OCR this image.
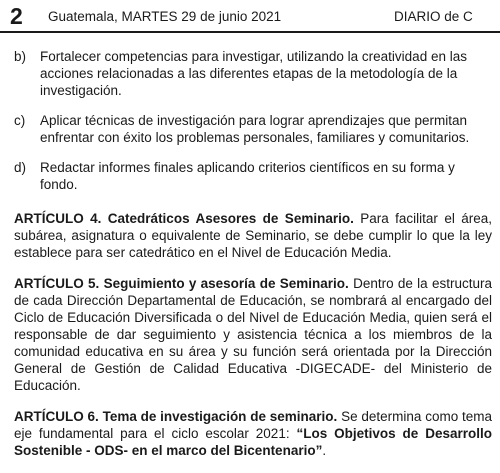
2 Guatemala, MARTES 29 de junio 2021	DIARIO de C
b)	Fortalecer competencias para investigar, utilizando la creatividad en las acciones relacionadas a las diferentes etapas de la metodología de la investigación.
c)	Aplicar técnicas de investigación para lograr aprendizajes que permitan enfrentar con éxito los problemas personales, familiares y comunitarios.
d)	Redactar informes finales aplicando criterios científicos en su forma y fondo.

ARTÍCULO 4. Catedráticos Asesores de Seminario. Para facilitar el área, subárea, asignatura o equivalente de Seminario, se debe cumplir lo que la ley establece para ser catedrático en el Nivel de Educación Media.

ARTÍCULO 5. Seguimiento y asesoría de Seminario. Dentro de la estructura de cada Dirección Departamental de Educación, se nombrará al encargado del Ciclo de Educación Diversificada o del Nivel de Educación Media, quien será el responsable de dar seguimiento y asistencia técnica a los miembros de la comunidad educativa en su área y su función será orientada por la Dirección General de Gestión de Calidad Educativa -DIGECADE- del Ministerio de Educación.

ARTÍCULO 6. Tema de investigación de seminario. Se determina como tema eje fundamental para el ciclo escolar 2021: “Los Objetivos de Desarrollo Sostenible - ODS- en el marco del Bicentenario”.
